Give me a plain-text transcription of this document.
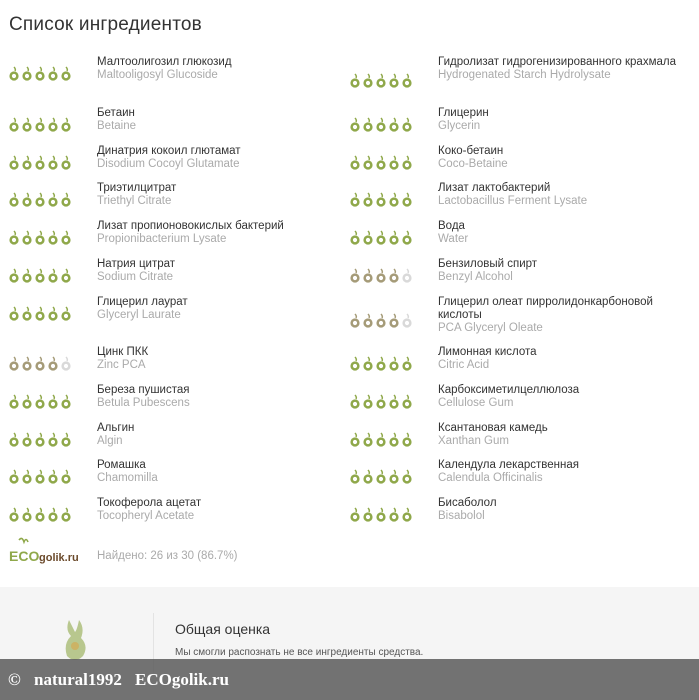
Список ингредиентов
Малтоолигозил глюкозид
Maltooligosyl Glucoside
Гидролизат гидрогенизированного крахмала
Hydrogenated Starch Hydrolysate
Бетаин
Betaine
Глицерин
Glycerin
Динатрия кокоил глютамат
Disodium Cocoyl Glutamate
Коко-бетаин
Coco-Betaine
Триэтилцитрат
Triethyl Citrate
Лизат лактобактерий
Lactobacillus Ferment Lysate
Лизат пропионовокислых бактерий
Propionibacterium Lysate
Вода
Water
Натрия цитрат
Sodium Citrate
Бензиловый спирт
Benzyl Alcohol
Глицерил лаурат
Glyceryl Laurate
Глицерил олеат пирролидонкарбоновой кислоты
PCA Glyceryl Oleate
Цинк ПКК
Zinc PCA
Лимонная кислота
Citric Acid
Береза пушистая
Betula Pubescens
Карбоксиметилцеллюлоза
Cellulose Gum
Альгин
Algin
Ксантановая камедь
Xanthan Gum
Ромашка
Chamomilla
Календула лекарственная
Calendula Officinalis
Токоферола ацетат
Tocopheryl Acetate
Бисаболол
Bisabolol
ECO golik.ru Найдено: 26 из 30 (86.7%)
Общая оценка
Мы смогли распознать не все ингредиенты средства.
© natural1992 ECOgolik.ru
